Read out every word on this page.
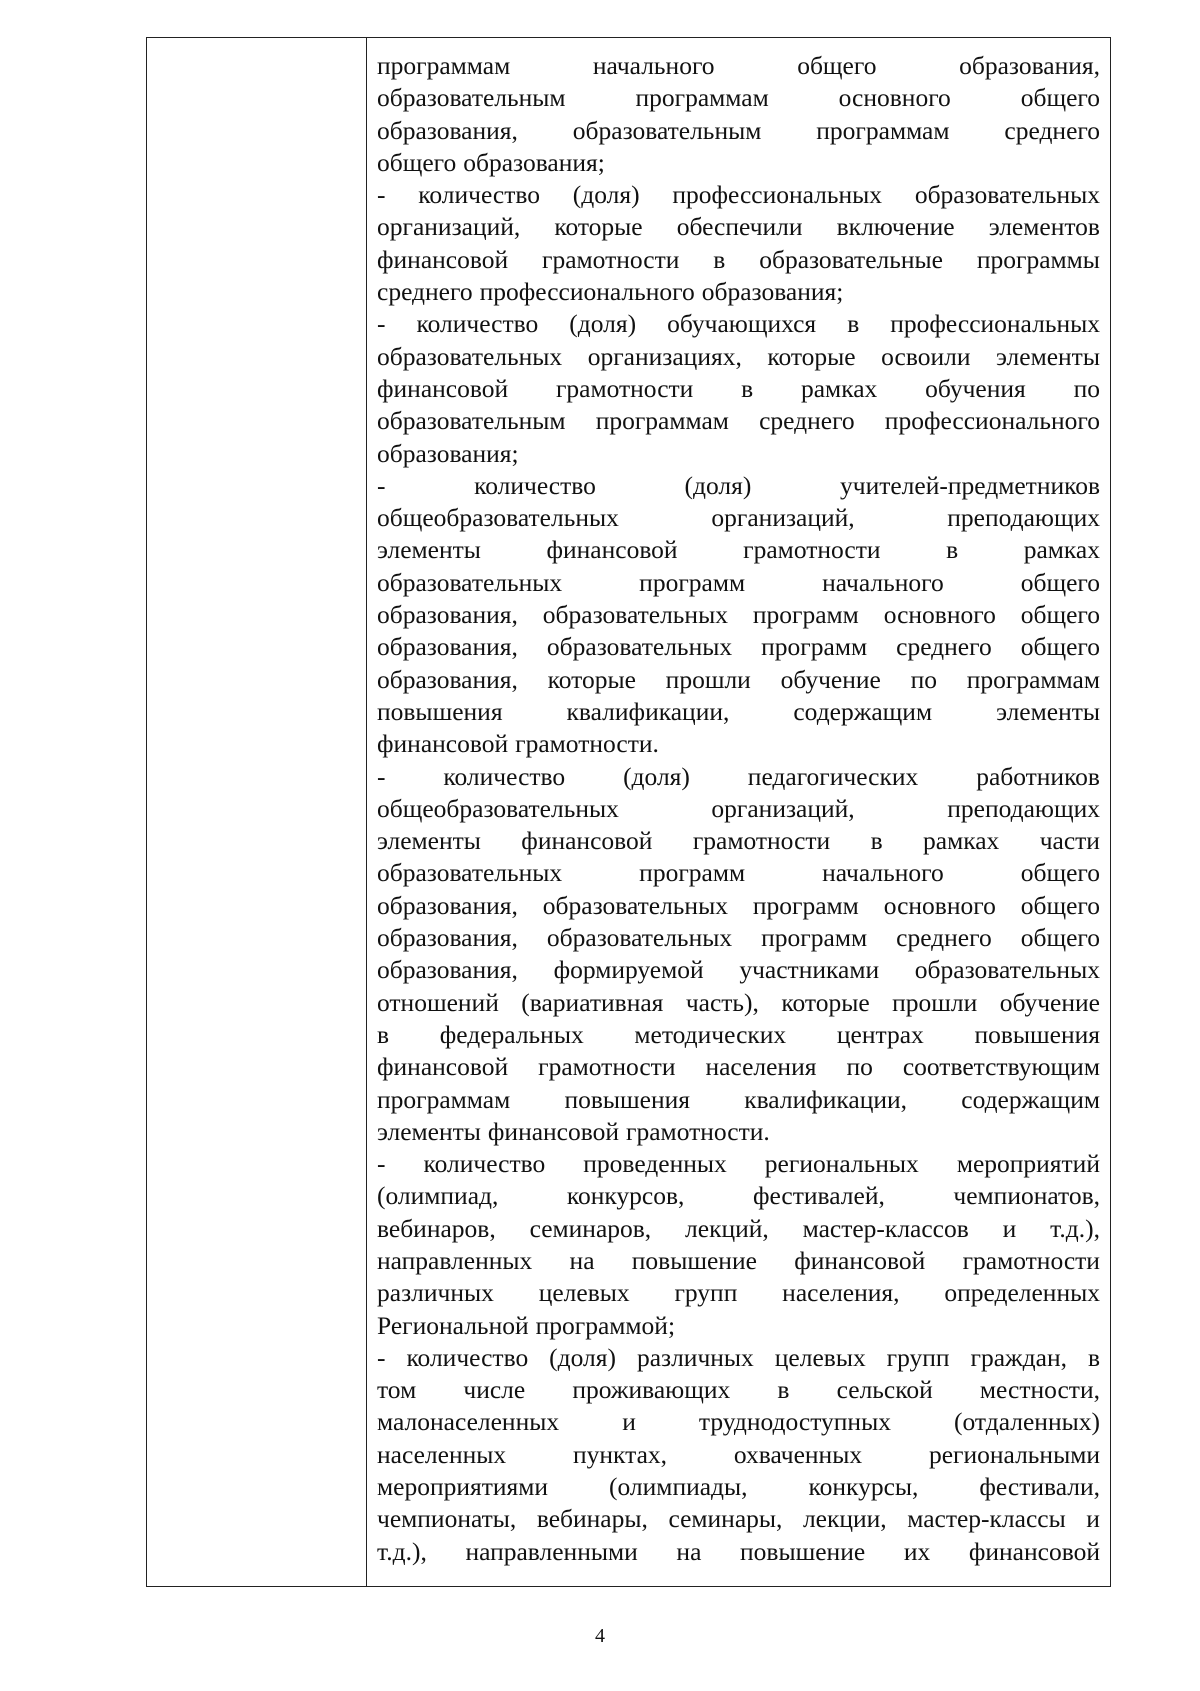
программам	начального	общего	образования,
образовательным	программам	основного	общего
образования, образовательным программам среднего
общего образования;
- количество (доля) профессиональных образовательных
организаций, которые обеспечили включение элементов
финансовой грамотности в образовательные программы
среднего профессионального образования;
- количество (доля) обучающихся в профессиональных
образовательных организациях, которые освоили элементы
финансовой грамотности в рамках обучения по
образовательным программам среднего профессионального
образования;
-	количество	(доля)	учителей-предметников
общеобразовательных	организаций,	преподающих
элементы	финансовой	грамотности	в	рамках
образовательных	программ	начального	общего
образования, образовательных программ основного общего
образования, образовательных программ среднего общего
образования, которые прошли обучение по программам
повышения	квалификации,	содержащим	элементы
финансовой грамотности.
- количество (доля) педагогических работников
общеобразовательных	организаций,	преподающих
элементы финансовой грамотности в рамках части
образовательных	программ	начального	общего
образования, образовательных программ основного общего
образования, образовательных программ среднего общего
образования, формируемой участниками образовательных
отношений (вариативная часть), которые прошли обучение
в федеральных методических центрах повышения
финансовой грамотности населения по соответствующим
программам повышения квалификации, содержащим
элементы финансовой грамотности.
- количество проведенных региональных мероприятий
(олимпиад,	конкурсов,	фестивалей,	чемпионатов,
вебинаров, семинаров, лекций, мастер-классов и т.д.),
направленных на повышение финансовой грамотности
различных целевых групп населения, определенных
Региональной программой;
- количество (доля) различных целевых групп граждан, в
том числе проживающих в сельской местности,
малонаселенных и труднодоступных (отдаленных)
населенных	пунктах,	охваченных	региональными
мероприятиями (олимпиады, конкурсы, фестивали,
чемпионаты, вебинары, семинары, лекции, мастер-классы и
т.д.), направленными на повышение их финансовой
4
